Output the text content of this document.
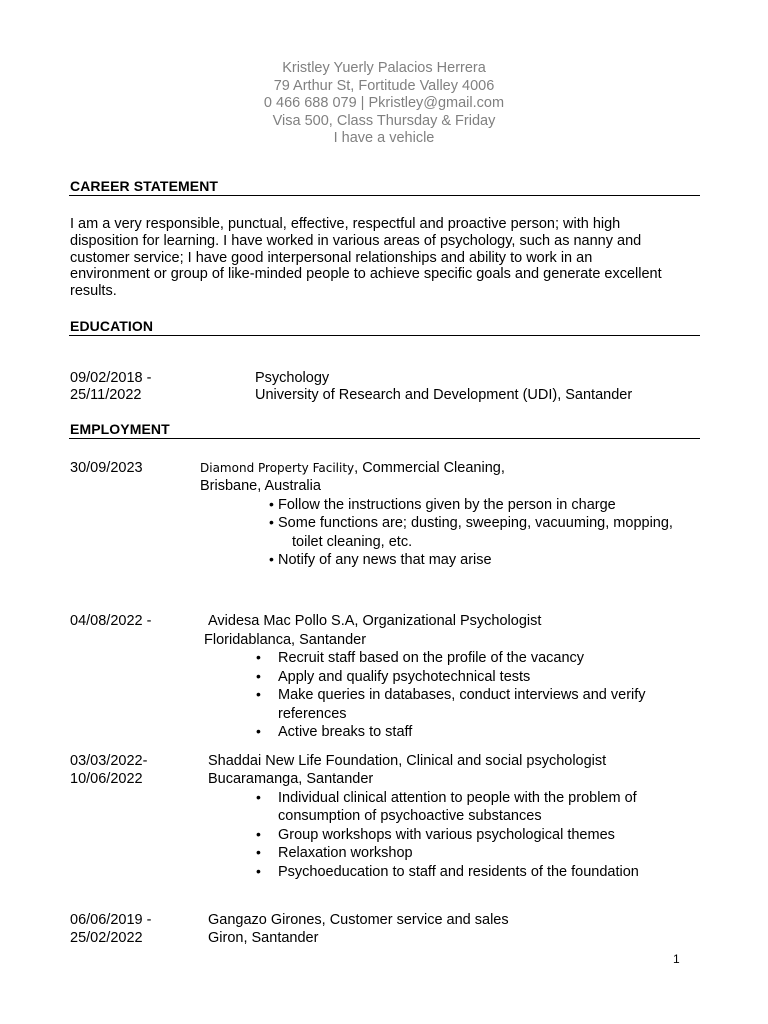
Kristley Yuerly Palacios Herrera
79 Arthur St, Fortitude Valley 4006
0 466 688 079 | Pkristley@gmail.com
Visa 500, Class Thursday & Friday
I have a vehicle
CAREER STATEMENT
I am a very responsible, punctual, effective, respectful and proactive person; with high
disposition for learning. I have worked in various areas of psychology, such as nanny and
customer service; I have good interpersonal relationships and ability to work in an
environment or group of like-minded people to achieve specific goals and generate excellent
results.
EDUCATION
09/02/2018 -
25/11/2022
Psychology
University of Research and Development (UDI), Santander
EMPLOYMENT
30/09/2023	Diamond Property Facility, Commercial Cleaning,
Brisbane, Australia
• Follow the instructions given by the person in charge
• Some functions are; dusting, sweeping, vacuuming, mopping,
toilet cleaning, etc.
• Notify of any news that may arise
04/08/2022 -	Avidesa Mac Pollo S.A, Organizational Psychologist
Floridablanca, Santander
• Recruit staff based on the profile of the vacancy
• Apply and qualify psychotechnical tests
• Make queries in databases, conduct interviews and verify
references
• Active breaks to staff
03/03/2022-
10/06/2022
Shaddai New Life Foundation, Clinical and social psychologist
Bucaramanga, Santander
• Individual clinical attention to people with the problem of
consumption of psychoactive substances
• Group workshops with various psychological themes
• Relaxation workshop
• Psychoeducation to staff and residents of the foundation
06/06/2019 -
25/02/2022
Gangazo Girones, Customer service and sales
Giron, Santander
1
